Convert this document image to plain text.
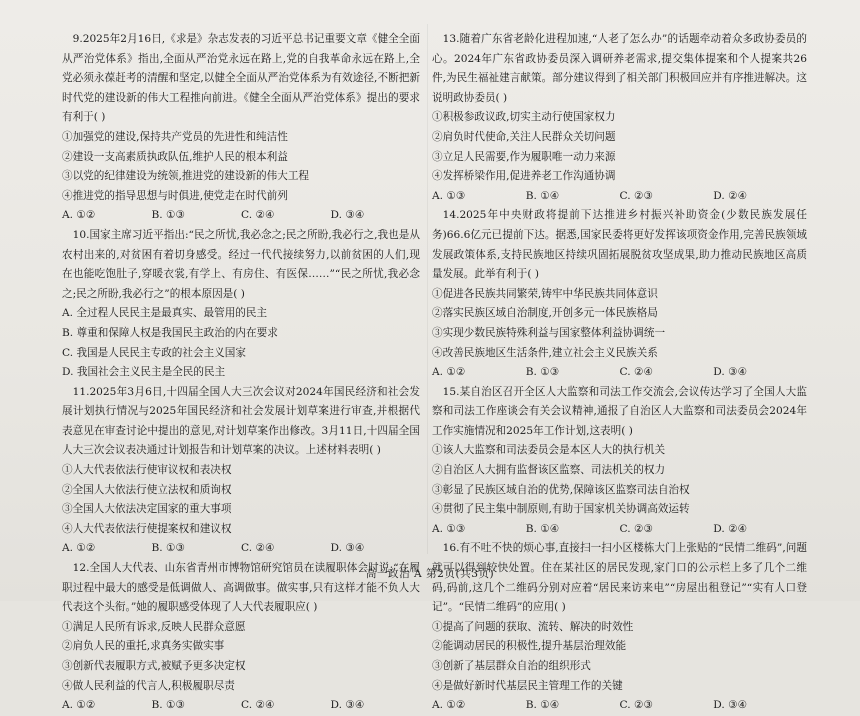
9.2025年2月16日,《求是》杂志发表的习近平总书记重要文章《健全全面从严治党体系》指出,全面从严治党永远在路上,党的自我革命永远在路上,全党必须永葆赶考的清醒和坚定,以健全全面从严治党体系为有效途径,不断把新时代党的建设新的伟大工程推向前进。《健全全面从严治党体系》提出的要求有利于( )

①加强党的建设,保持共产党员的先进性和纯洁性

②建设一支高素质执政队伍,维护人民的根本利益

③以党的纪律建设为统领,推进党的建设新的伟大工程

④推进党的指导思想与时俱进,使党走在时代前列

A. ①②	B. ①③	C. ②④	D. ③④

10.国家主席习近平指出:“民之所忧,我必念之;民之所盼,我必行之,我也是从农村出来的,对贫困有着切身感受。经过一代代接续努力,以前贫困的人们,现在也能吃饱肚子,穿暖衣裳,有学上、有房住、有医保……”“民之所忧,我必念之;民之所盼,我必行之”的根本原因是( )

A. 全过程人民民主是最真实、最管用的民主

B. 尊重和保障人权是我国民主政治的内在要求

C. 我国是人民民主专政的社会主义国家

D. 我国社会主义民主是全民的民主

11.2025年3月6日,十四届全国人大三次会议对2024年国民经济和社会发展计划执行情况与2025年国民经济和社会发展计划草案进行审查,并根据代表意见在审查讨论中提出的意见,对计划草案作出修改。3月11日,十四届全国人大三次会议表决通过计划报告和计划草案的决议。上述材料表明( )

①人大代表依法行使审议权和表决权

②全国人大依法行使立法权和质询权

③全国人大依法决定国家的重大事项

④人大代表依法行使提案权和建议权

A. ①②	B. ①③	C. ②④	D. ③④

12.全国人大代表、山东省青州市博物馆研究馆员在读履职体会时说:“在履职过程中最大的感受是低调做人、高调做事。做实事,只有这样才能不负人大代表这个头衔。”她的履职感受体现了人大代表履职应( )

①满足人民所有诉求,反映人民群众意愿

②肩负人民的重托,求真务实做实事

③创新代表履职方式,被赋予更多决定权

④做人民利益的代言人,积极履职尽责

A. ①②	B. ①③	C. ②④	D. ③④

13.随着广东省老龄化进程加速,“人老了怎么办”的话题牵动着众多政协委员的心。2024年广东省政协委员深入调研养老需求,提交集体提案和个人提案共26件,为民生福祉建言献策。部分建议得到了相关部门积极回应并有序推进解决。这说明政协委员( )

①积极参政议政,切实主动行使国家权力

②肩负时代使命,关注人民群众关切问题

③立足人民需要,作为履职唯一动力来源

④发挥桥梁作用,促进养老工作沟通协调

A. ①③	B. ①④	C. ②③	D. ②④

14.2025年中央财政将提前下达推进乡村振兴补助资金(少数民族发展任务)66.6亿元已提前下达。据悉,国家民委将更好发挥该项资金作用,完善民族领域发展政策体系,支持民族地区持续巩固拓展脱贫攻坚成果,助力推动民族地区高质量发展。此举有利于( )

①促进各民族共同繁荣,铸牢中华民族共同体意识

②落实民族区域自治制度,开创多元一体民族格局

③实现少数民族特殊利益与国家整体利益协调统一

④改善民族地区生活条件,建立社会主义民族关系

A. ①②	B. ①③	C. ②④	D. ③④

15.某自治区召开全区人大监察和司法工作交流会,会议传达学习了全国人大监察和司法工作座谈会有关会议精神,通报了自治区人大监察和司法委员会2024年工作实施情况和2025年工作计划,这表明( )

①该人大监察和司法委员会是本区人大的执行机关

②自治区人大拥有监督该区监察、司法机关的权力

③彰显了民族区域自治的优势,保障该区监察司法自治权

④贯彻了民主集中制原则,有助于国家机关协调高效运转

A. ①③	B. ①④	C. ②③	D. ②④

16.有不吐不快的烦心事,直接扫一扫小区楼栋大门上张贴的“民情二维码”,问题就可以得到较快处置。住在某社区的居民发现,家门口的公示栏上多了几个二维码,码前,这几个二维码分别对应着“居民来访来电”“房屋出租登记”“实有人口登记”。“民情二维码”的应用( )

①提高了问题的获取、流转、解决的时效性

②能调动居民的积极性,提升基层治理效能

③创新了基层群众自治的组织形式

④是做好新时代基层民主管理工作的关键

A. ①②	B. ①④	C. ②③	D. ③④
高一政治 A 第2页(共3页)
